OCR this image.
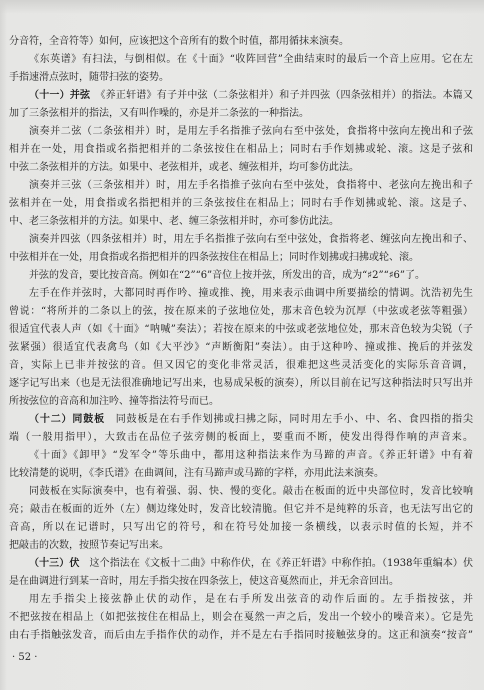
分音符，全音符等）如何，应该把这个音所有的数个时值，都用循抹来演奏。
《东英谱》有扫法，与倒相似。在《十面》“收阵回营”全曲结束时的最后一个音上应用。它在左
手指速滑点弦时，随带扫弦的姿势。
（十一）并弦　《养正轩谱》有子并中弦（二条弦相并）和子并四弦（四条弦相并）的指法。本篇又
加了三条弦相并的指法，又有叫作噪的，亦是并二条弦的一种指法。
演奏并二弦（二条弦相并）时，是用左手名指推子弦向右至中弦处，食指将中弦向左挽出和子弦
相并在一处，用食指或名指把相并的二条弦按住在相品上；同时右手作划拂或轮、滚。这是子弦和
中弦二条弦相并的方法。如果中、老弦相并，或老、缠弦相并，均可参仿此法。
演奏并三弦（三条弦相并）时，用左手名指推子弦向右至中弦处，食指将中、老弦向左挽出和子
弦相并在一处，用食指或名指把相并的三条弦按住在相品上；同时右手作划拂或轮、滚。这是子、
中、老三条弦相并的方法。如果中、老、缠三条弦相并时，亦可参仿此法。
演奏并四弦（四条弦相并）时，用左手名指推子弦向右至中弦处，食指将老、缠弦向左挽出和子、
中弦相并在一处，用食指或名指把相并的四条弦按住在相品上；同时作划拂或扫拂或轮、滚。
并弦的发音，要比按音高。例如在“2”“6”音位上按并弦，所发出的音，成为“♯2”“♯6”了。
左手在作并弦时，大都同时再作吟、撞或推、挽，用来表示曲调中所要描绘的情调。沈浩初先生
曾说：“将所并的二条以上的弦，按在原来的子弦地位处，那末音色较为沉厚（中弦或老弦等粗强）
很适宜代表人声（如《十面》“呐喊”奏法）；若按在原来的中弦或老弦地位处，那末音色较为尖锐（子
弦紧强）很适宜代表禽鸟（如《大平沙》“声断衡阳”奏法）。由于这种吟、撞或推、挽后的并弦发
音，实际上已非并按弦的音。但又因它的变化非常灵活，很难把这些灵活变化的实际乐音音调，
逐字记写出来（也是无法很准确地记写出来，也易成呆板的演奏），所以目前在记写这种指法时只写出并
所按弦位的音高和加注吟、撞等指法符号而已。
（十二）同鼓板　同鼓板是在右手作划拂或扫拂之际，同时用左手小、中、名、食四指的指尖
端（一般用指甲），大致击在品位子弦旁侧的板面上，要重而不断，使发出得得作响的声音来。
《十面》《卸甲》“发军令”等乐曲中，都用这种指法来作为马蹄的声音。《养正轩谱》中有着
比较清楚的说明，《李氏谱》在曲调间，注有马蹄声或马蹄的字样，亦用此法来演奏。
同鼓板在实际演奏中，也有着强、弱、快、慢的变化。敲击在板面的近中央部位时，发音比较响
亮；敲击在板面的近外（左）侧边缘处时，发音比较清脆。但它并不是纯粹的乐音，也无法写出它的
音高，所以在记谱时，只写出它的符号，和在符号处加接一条横线，以表示时值的长短，并不
把敲击的次数，按照节奏记写出来。
（十三）伏　这个指法在《文板十二曲》中称作伏，在《养正轩谱》中称作拍。（1938年重编本）伏
是在曲调进行到某一音时，用左手指尖按在四条弦上，使这音戛然而止，并无余音回出。
用左手指尖上接弦静止伏的动作，是在右手所发出弦音的动作后面的。左手指按弦，并
不把弦按在相品上（如把弦按住在相品上，则会在戛然一声之后，发出一个较小的噪音来）。它是先
由右手指触弦发音，而后由左手指作伏的动作，并不是左右手指同时接触弦身的。这正和演奏“按音”
· 52 ·
